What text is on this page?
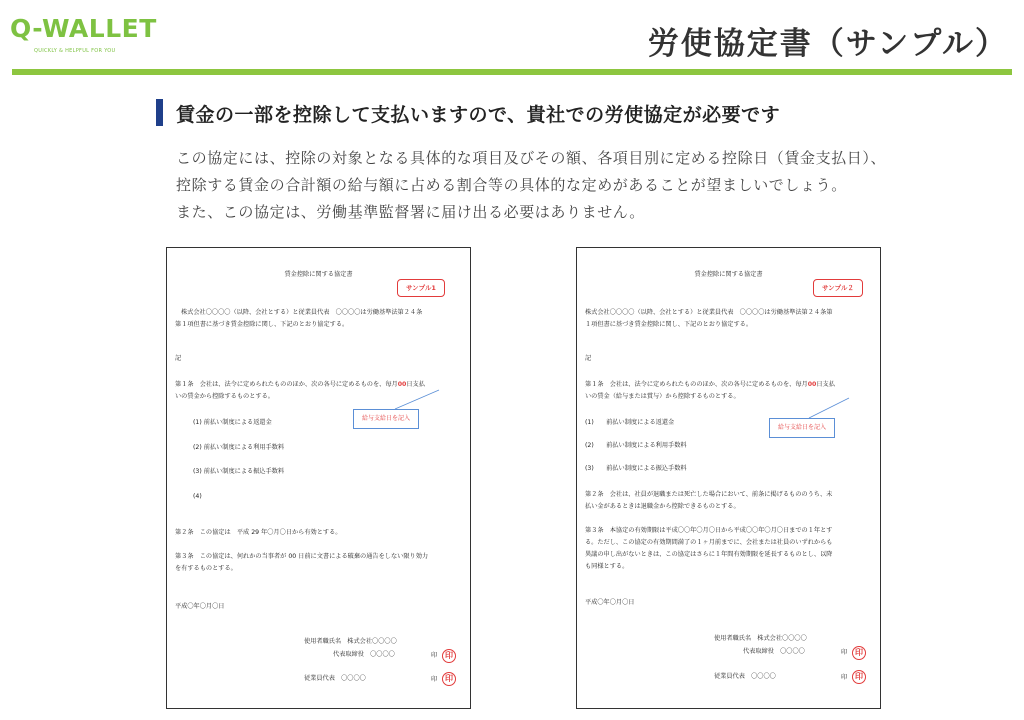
Q-WALLET
QUICKLY & HELPFUL FOR YOU	労使協定書（サンプル）
賃金の一部を控除して支払いますので、貴社での労使協定が必要です
この協定には、控除の対象となる具体的な項目及びその額、各項目別に定める控除日（賃金支払日）、
控除する賃金の合計額の給与額に占める割合等の具体的な定めがあることが望ましいでしょう。
また、この協定は、労働基準監督署に届け出る必要はありません。
賃金控除に関する協定書
サンプル1
株式会社〇〇〇〇（以降、会社とする）と従業員代表　〇〇〇〇は労働基準法第２４条
第１項但書に基づき賃金控除に関し、下記のとおり協定する。
記
第１条　会社は、法令に定められたもののほか、次の各号に定めるものを、毎月00日支払
いの賃金から控除するものとする。
給与支給日を記入
(1) 前払い制度による返還金
(2) 前払い制度による利用手数料
(3) 前払い制度による振込手数料
(4)
第２条　この協定は　平成 29 年〇月〇日から有効とする。
第３条　この協定は、何れかの当事者が 00 日前に文書による破棄の通告をしない限り効力
を有するものとする。
平成〇年〇月〇日
使用者職氏名　株式会社〇〇〇〇
代表取締役　〇〇〇〇	印 印
従業員代表　〇〇〇〇	印 印
賃金控除に関する協定書
サンプル２
株式会社〇〇〇〇（以降、会社とする）と従業員代表　〇〇〇〇は労働基準法第２４条第
１項但書に基づき賃金控除に関し、下記のとおり協定する。
記
第１条　会社は、法令に定められたもののほか、次の各号に定めるものを、毎月00日支払
いの賃金（給与または賞与）から控除するものとする。
給与支給日を記入
(1)　　前払い制度による返還金
(2)　　前払い制度による利用手数料
(3)　　前払い制度による振込手数料
第２条　会社は、社員が退職または死亡した場合において、前条に掲げるもののうち、未
払い金があるときは退職金から控除できるものとする。
第３条　本協定の有効期限は平成〇〇年〇月〇日から平成〇〇年〇月〇日までの１年とす
る。ただし、この協定の有効期間満了の１ヶ月前までに、会社または社員のいずれからも
異議の申し出がないときは、この協定はさらに１年間有効期限を延長するものとし、以降
も同様とする。
平成〇年〇月〇日
使用者職氏名　株式会社〇〇〇〇
代表取締役　〇〇〇〇	印 印
従業員代表　〇〇〇〇	印 印
